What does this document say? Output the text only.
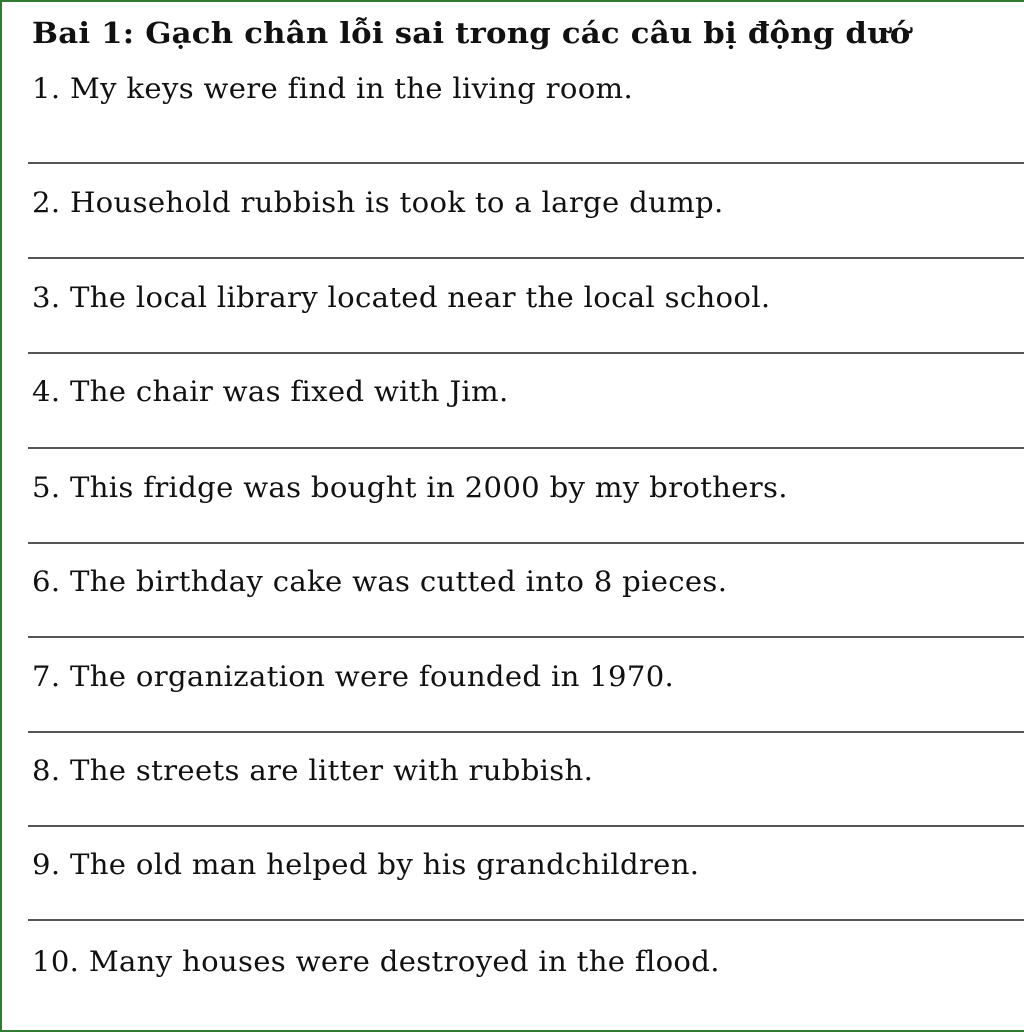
Bai 1: Gạch chân lỗi sai trong các câu bị động dướ
1. My keys were find in the living room.
2. Household rubbish is took to a large dump.
3. The local library located near the local school.
4. The chair was fixed with Jim.
5. This fridge was bought in 2000 by my brothers.
6. The birthday cake was cutted into 8 pieces.
7. The organization were founded in 1970.
8. The streets are litter with rubbish.
9. The old man helped by his grandchildren.
10. Many houses were destroyed in the flood.
